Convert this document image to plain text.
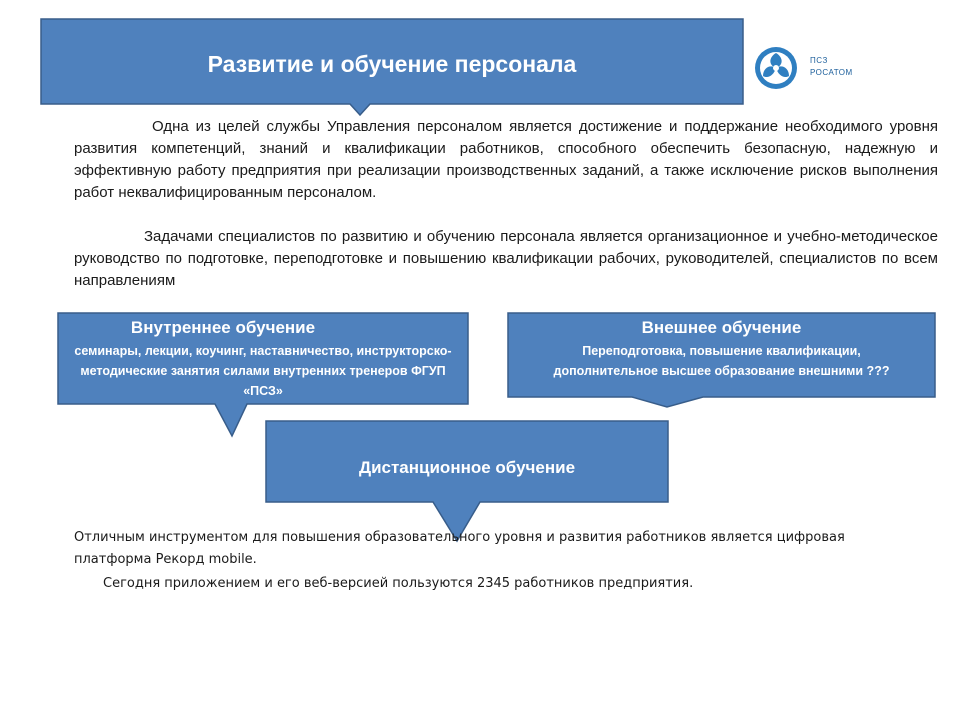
Развитие и обучение персонала	ПСЗ
РОСАТОМ

Одна из целей службы Управления персоналом является достижение и поддержание необходимого уровня развития компетенций, знаний и квалификации работников, способного обеспечить безопасную, надежную и эффективную работу предприятия при реализации производственных заданий, а также исключение рисков выполнения работ неквалифицированным персоналом.

Задачами специалистов по развитию и обучению персонала является организационное и учебно-методическое руководство по подготовке, переподготовке и повышению квалификации рабочих, руководителей, специалистов по всем направлениям

Внутреннее обучение
семинары, лекции, коучинг, наставничество, инструкторско-методические занятия силами внутренних тренеров ФГУП «ПСЗ»
Внешнее обучение
Переподготовка, повышение квалификации, дополнительное высшее образование внешними ???
Дистанционное обучение

Отличным инструментом для повышения образовательного уровня и развития работников является цифровая платформа Рекорд mobile.

Сегодня приложением и его веб-версией пользуются 2345 работников предприятия.
